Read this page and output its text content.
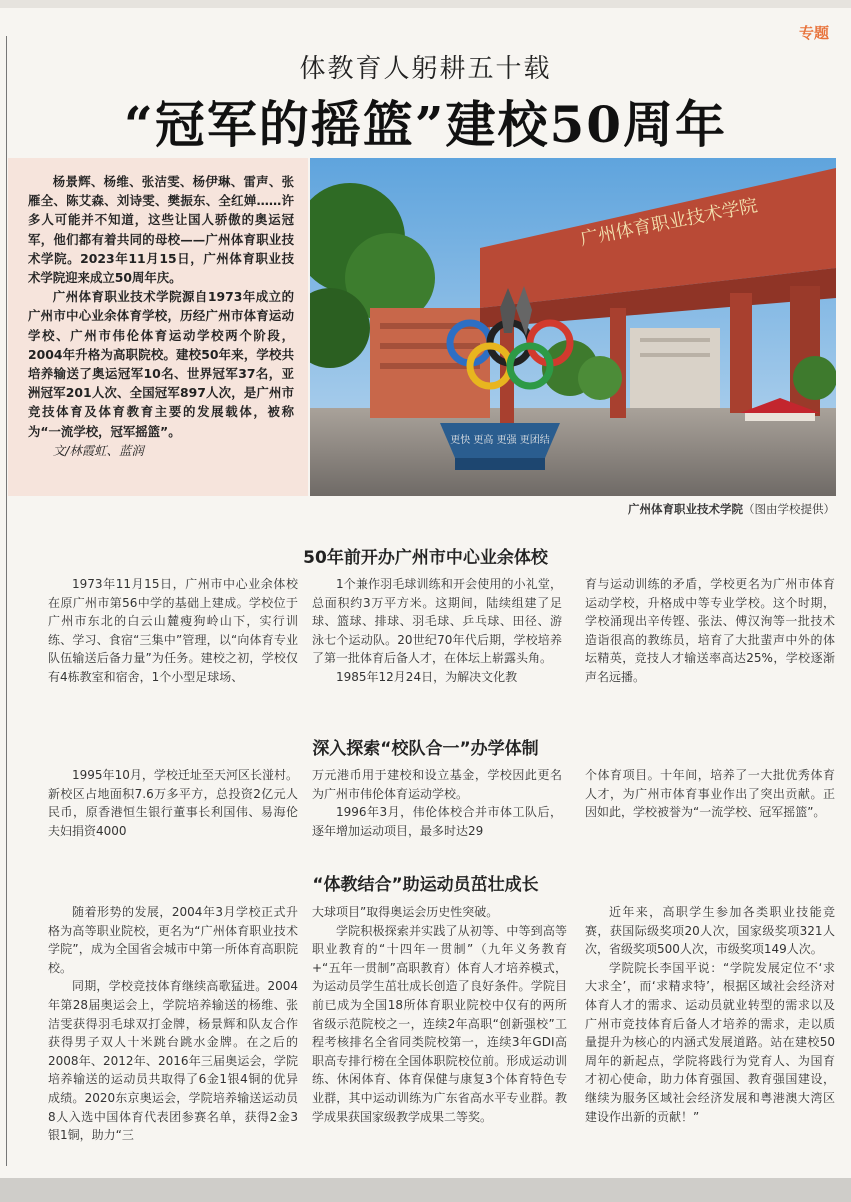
专题
体教育人躬耕五十载
“冠军的摇篮”建校50周年

杨景辉、杨维、张洁雯、杨伊琳、雷声、张雁全、陈艾森、刘诗雯、樊振东、全红婵……许多人可能并不知道，这些让国人骄傲的奥运冠军，他们都有着共同的母校——广州体育职业技术学院。2023年11月15日，广州体育职业技术学院迎来成立50周年庆。

广州体育职业技术学院源自1973年成立的广州市中心业余体育学校，历经广州市体育运动学校、广州市伟伦体育运动学校两个阶段，2004年升格为高职院校。建校50年来，学校共培养输送了奥运冠军10名、世界冠军37名，亚洲冠军201人次、全国冠军897人次，是广州市竞技体育及体育教育主要的发展载体，被称为“一流学校，冠军摇篮”。

文/林霞虹、蓝润

广州体育职业技术学院
更快 更高 更强 更团结
广州体育职业技术学院（图由学校提供）
50年前开办广州市中心业余体校

1973年11月15日，广州市中心业余体校在原广州市第56中学的基础上建成。学校位于广州市东北的白云山麓瘦狗岭山下，实行训练、学习、食宿“三集中”管理，以“向体育专业队伍输送后备力量”为任务。建校之初，学校仅有4栋教室和宿舍，1个小型足球场、

1个兼作羽毛球训练和开会使用的小礼堂，总面积约3万平方米。这期间，陆续组建了足球、篮球、排球、羽毛球、乒乓球、田径、游泳七个运动队。20世纪70年代后期，学校培养了第一批体育后备人才，在体坛上崭露头角。

1985年12月24日，为解决文化教

育与运动训练的矛盾，学校更名为广州市体育运动学校，升格成中等专业学校。这个时期，学校涌现出辛传铿、张法、傅汉洵等一批技术造诣很高的教练员，培育了大批蜚声中外的体坛精英，竞技人才输送率高达25%，学校逐渐声名远播。

深入探索“校队合一”办学体制

1995年10月，学校迁址至天河区长湴村。新校区占地面积7.6万多平方，总投资2亿元人民币，原香港恒生银行董事长利国伟、易海伦夫妇捐资4000

万元港币用于建校和设立基金，学校因此更名为广州市伟伦体育运动学校。

1996年3月，伟伦体校合并市体工队后，逐年增加运动项目，最多时达29

个体育项目。十年间，培养了一大批优秀体育人才，为广州市体育事业作出了突出贡献。正因如此，学校被誉为“一流学校、冠军摇篮”。

“体教结合”助运动员茁壮成长

随着形势的发展，2004年3月学校正式升格为高等职业院校，更名为“广州体育职业技术学院”，成为全国省会城市中第一所体育高职院校。

同期，学校竞技体育继续高歌猛进。2004年第28届奥运会上，学院培养输送的杨维、张洁雯获得羽毛球双打金牌，杨景辉和队友合作获得男子双人十米跳台跳水金牌。在之后的2008年、2012年、2016年三届奥运会，学院培养输送的运动员共取得了6金1银4铜的优异成绩。2020东京奥运会，学院培养输送运动员8人入选中国体育代表团参赛名单，获得2金3银1铜，助力“三

大球项目”取得奥运会历史性突破。

学院积极探索并实践了从初等、中等到高等职业教育的“十四年一贯制”（九年义务教育+“五年一贯制”高职教育）体育人才培养模式，为运动员学生茁壮成长创造了良好条件。学院目前已成为全国18所体育职业院校中仅有的两所省级示范院校之一，连续2年高职“创新强校”工程考核排名全省同类院校第一，连续3年GDI高职高专排行榜在全国体职院校位前。形成运动训练、休闲体育、体育保健与康复3个体育特色专业群，其中运动训练为广东省高水平专业群。教学成果获国家级教学成果二等奖。

近年来，高职学生参加各类职业技能竞赛，获国际级奖项20人次，国家级奖项321人次，省级奖项500人次，市级奖项149人次。

学院院长李国平说：“学院发展定位不‘求大求全’，而‘求精求特’，根据区域社会经济对体育人才的需求、运动员就业转型的需求以及广州市竞技体育后备人才培养的需求，走以质量提升为核心的内涵式发展道路。站在建校50周年的新起点，学院将践行为党育人、为国育才初心使命，助力体育强国、教育强国建设，继续为服务区域社会经济发展和粤港澳大湾区建设作出新的贡献！”
